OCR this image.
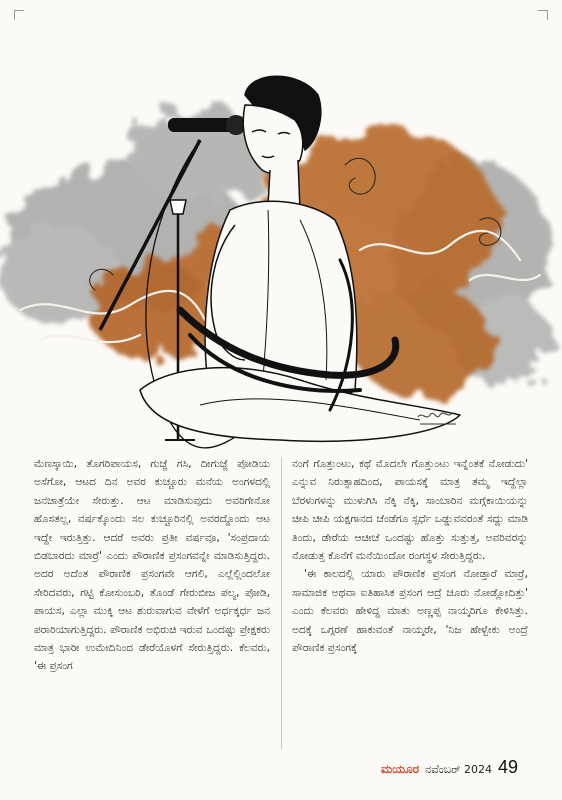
ಮೆಣಸ್ಕಾಯಿ, ತೊಗರಿಪಾಯಸ, ಗುಜ್ಜೆ ಗಸಿ, ದೀಗುಜ್ಜೆ ಪೋಡಿಯ ಅಸೆಗೋ, ಆಟದ ದಿನ ಅವರ ಕುಚ್ಚೂರು ಮನೆಯ ಅಂಗಳದಲ್ಲಿ ಜನಜಾತ್ರೆಯೇ ಸೇರುತ್ತು. ಆಟ ಮಾಡಿಸುವುದು ಅವರಿಗೇನೋ ಹೊಸತಲ್ಲ, ವರ್ಷಕ್ಕೊಂದು ಸಲ ಕುಚ್ಚೂರಿನಲ್ಲಿ ಅವರದ್ದೊಂದು ಆಟ ಇದ್ದೇ ಇರುತ್ತಿತ್ತು. ಆದರೆ ಅವರು ಪ್ರತೀ ವರ್ಷವೂ, 'ಸಂಪ್ರದಾಯ ಬಿಡಬಾರದು ಮಾರ್ರೆ' ಎಂದು ಪೌರಾಣಿಕ ಪ್ರಸಂಗವನ್ನೇ ಮಾಡಿಸುತ್ತಿದ್ದರು. ಅದರ ಅದೆಂತ ಪೌರಾಣಿಕ ಪ್ರಸಂಗವೇ ಆಗಲಿ, ಎಲ್ಲೆಲ್ಲಿಂದಲೋ ಸೇರಿದವರು, ಗಟ್ಟಿ ಕೋಸುಂಬರಿ, ತೊಂಡೆ ಗೇರುಬೀಜ ಪಲ್ಯ, ಪೋಡಿ, ಪಾಯಸ, ಎಲ್ಲಾ ಮುಕ್ಕಿ ಆಟ ಶುರುವಾಗುವ ವೇಳೆಗೆ ಅರ್ಧಕ್ಕರ್ಧ ಜನ ಪರಾರಿಯಾಗುತ್ತಿದ್ದರು. ಪೌರಾಣಿಕ ಅಭಿರುಚಿ ಇರುವ ಒಂದಷ್ಟು ಪ್ರೇಕ್ಷಕರು ಮಾತ್ರ ಭಾರೀ ಉಮೇದಿನಿಂದ ಡೇರೆಯೊಳಗೆ ಸೇರುತ್ತಿದ್ದರು. ಕೆಲವರು, 'ಈ ಪ್ರಸಂಗ

ನಂಗೆ ಗೊತ್ತುಂಟು, ಕಥೆ ಮೊದಲೇ ಗೊತ್ತುಂಟು ಇನ್ನೆಂತಕೆ ನೋಡುದು' ಎನ್ನುವ ನಿರುತ್ಸಾಹದಿಂದ, ಪಾಯಸಕ್ಕೆ ಮಾತ್ರ ತಮ್ಮ ಇದ್ದೆಲ್ಲಾ ಬೆರಳುಗಳನ್ನು ಮುಳುಗಿಸಿ ನೆಕ್ಕಿ ನೆಕ್ಕಿ, ಸಾಂಬಾರಿನ ಮಗ್ಗೆಕಾಯಿಯನ್ನು ಚೀಪಿ ಚೀಪಿ ಯಕ್ಷಗಾನದ ಚೆಂಡೆಗೂ ಸ್ಪರ್ಧೆ ಒಡ್ಡುವವರಂತೆ ಸದ್ದು ಮಾಡಿ ತಿಂದು, ಡೇರೆಯ ಆಚೀಚೆ ಒಂದಷ್ಟು ಹೊತ್ತು ಸುತ್ತುತ್ತ, ಅವರಿವರನ್ನು ನೋಡುತ್ತ ಕೊನೆಗೆ ಮನೆಯಿಂದೋ ರಂಗಸ್ಥಳ ಸೇರುತ್ತಿದ್ದರು.

'ಈ ಕಾಲದಲ್ಲಿ ಯಾರು ಪೌರಾಣಿಕ ಪ್ರಸಂಗ ನೋಡ್ತಾರೆ ಮಾರ್ರೆ, ಸಾಮಾಜಿಕ ಅಥವಾ ಐತಿಹಾಸಿಕ ಪ್ರಸಂಗ ಆದ್ರೆ ಚೂರು ನೋಡ್ಲೋದಿತ್ತು' ಎಂದು ಕೆಲವರು ಹೇಳಿದ್ದ ಮಾತು ಅಣ್ಣಪ್ಪ ನಾಯ್ಕರಿಗೂ ಕೇಳಿಸಿತ್ತು. ಅದಕ್ಕೆ ಒಗ್ಗರಣೆ ಹಾಕುವಂತೆ ನಾಯ್ಕರೇ, 'ನಿಜ ಹೇಳ್ಬೇಕು ಅಂದ್ರೆ ಪೌರಾಣಿಕ ಪ್ರಸಂಗಕ್ಕೆ

ಮಯೂರ ನವೆಂಬರ್ 2024 49
